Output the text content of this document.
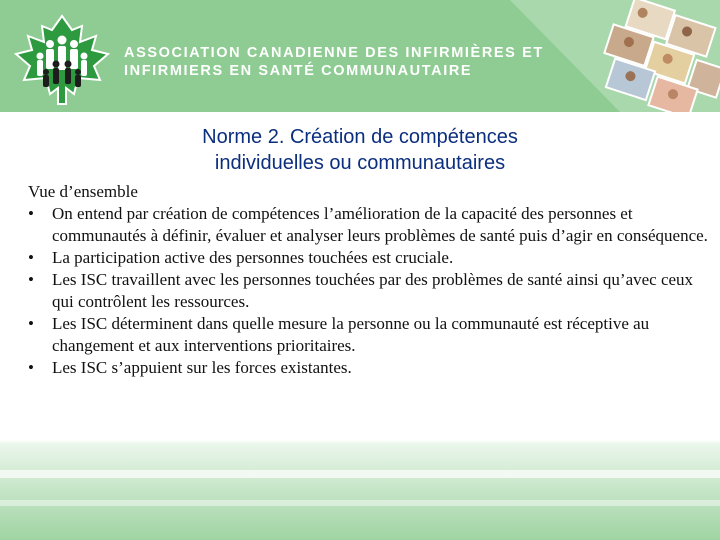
ASSOCIATION CANADIENNE DES INFIRMIÈRES ET
INFIRMIERS EN SANTÉ COMMUNAUTAIRE
Norme 2. Création de compétences
individuelles ou communautaires

Vue d’ensemble

• On entend par création de compétences l’amélioration de la capacité des personnes et communautés à définir, évaluer et analyser leurs problèmes de santé puis d’agir en conséquence.
• La participation active des personnes touchées est cruciale.
• Les ISC travaillent avec les personnes touchées par des problèmes de santé ainsi qu’avec ceux qui contrôlent les ressources.
• Les ISC déterminent dans quelle mesure la personne ou la communauté est réceptive au changement et aux interventions prioritaires.
• Les ISC s’appuient sur les forces existantes.
